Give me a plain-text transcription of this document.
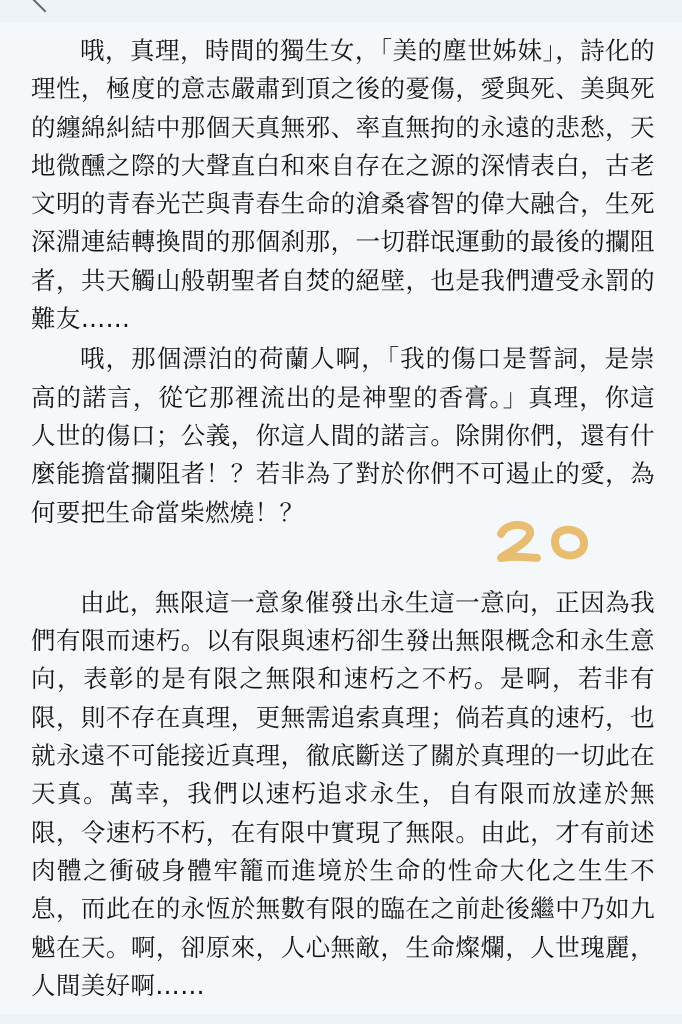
哦，真理，時間的獨生女，「美的塵世姊妹」，詩化的理性，極度的意志嚴肅到頂之後的憂傷，愛與死、美與死的纏綿糾結中那個天真無邪、率直無拘的永遠的悲愁，天地微醺之際的大聲直白和來自存在之源的深情表白，古老文明的青春光芒與青春生命的滄桑睿智的偉大融合，生死深淵連結轉換間的那個刹那，一切群氓運動的最後的攔阻者，共天觸山般朝聖者自焚的絕壁，也是我們遭受永罰的難友……

哦，那個漂泊的荷蘭人啊，「我的傷口是誓詞，是崇高的諾言，從它那裡流出的是神聖的香膏。」真理，你這人世的傷口；公義，你這人間的諾言。除開你們，還有什麼能擔當攔阻者！？若非為了對於你們不可遏止的愛，為何要把生命當柴燃燒！？

由此，無限這一意象催發出永生這一意向，正因為我們有限而速朽。以有限與速朽卻生發出無限概念和永生意向，表彰的是有限之無限和速朽之不朽。是啊，若非有限，則不存在真理，更無需追索真理；倘若真的速朽，也就永遠不可能接近真理，徹底斷送了關於真理的一切此在天真。萬幸，我們以速朽追求永生，自有限而放達於無限，令速朽不朽，在有限中實現了無限。由此，才有前述肉體之衝破身體牢籠而進境於生命的性命大化之生生不息，而此在的永恆於無數有限的臨在之前赴後繼中乃如九魆在天。啊，卻原來，人心無敵，生命燦爛，人世瑰麗，人間美好啊……
